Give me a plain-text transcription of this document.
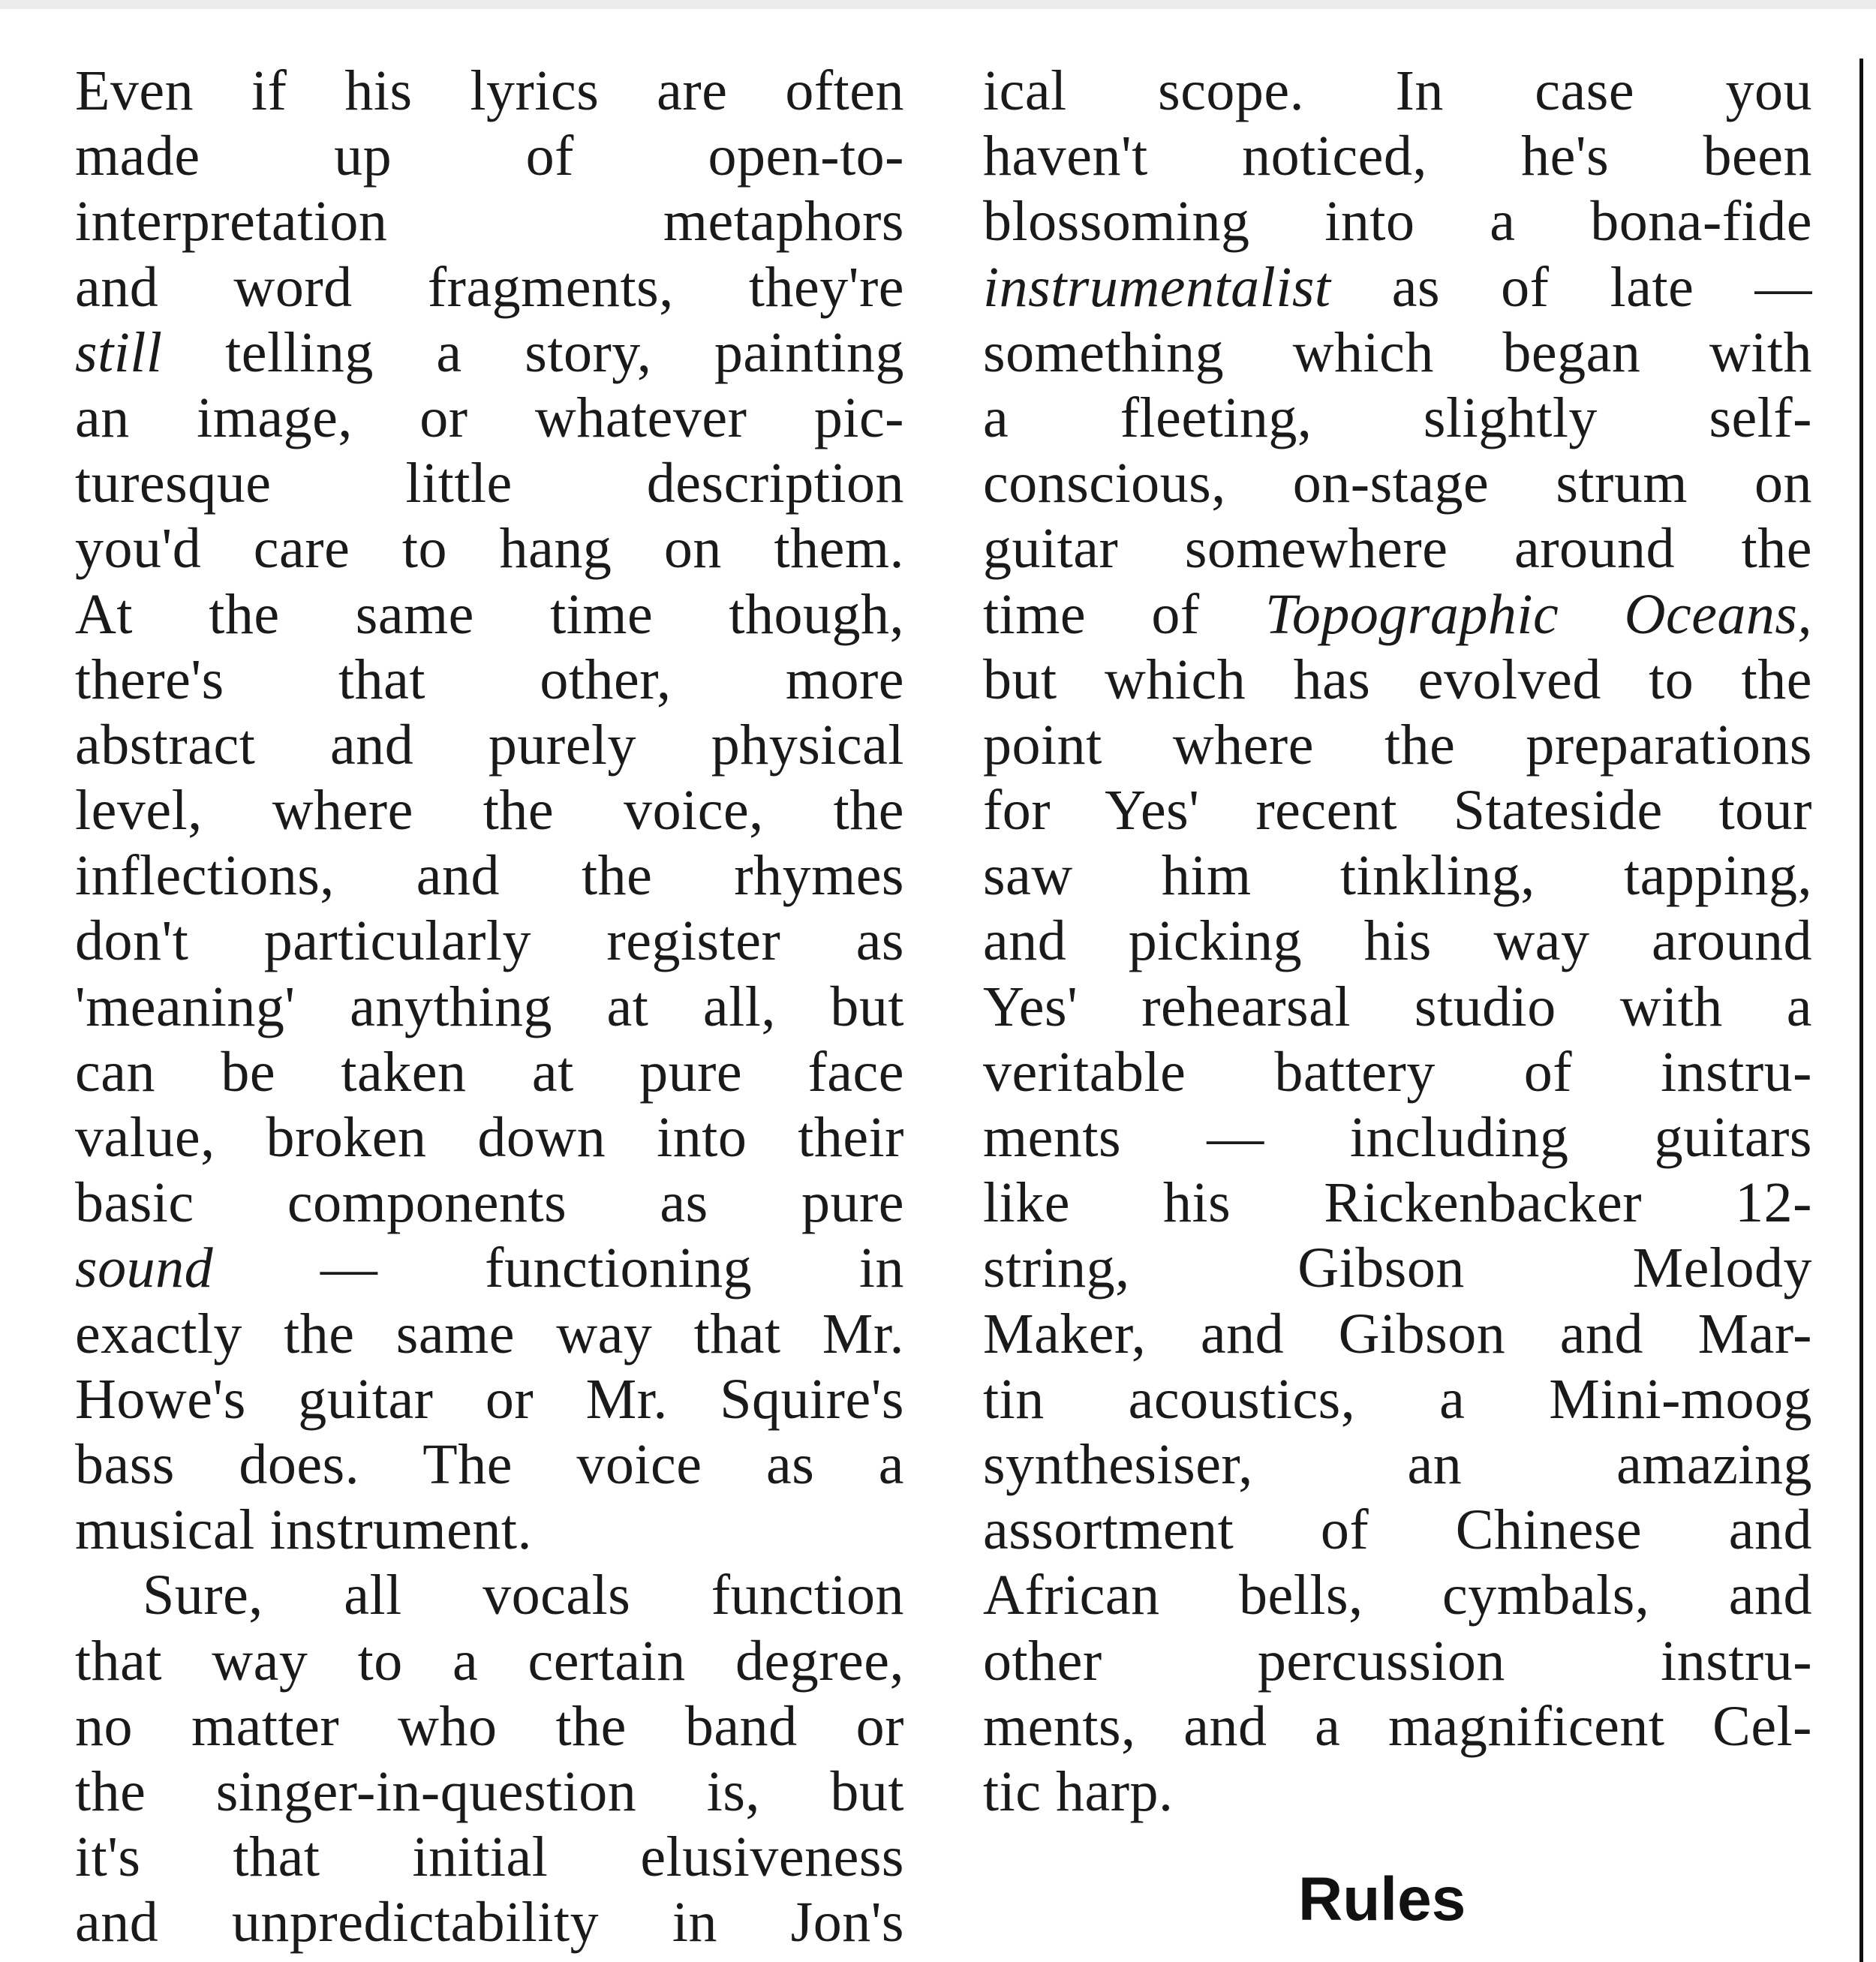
Even if his lyrics are often
made up of open-to-
interpretation metaphors
and word fragments, they're
still telling a story, painting
an image, or whatever pic-
turesque little description
you'd care to hang on them.
At the same time though,
there's that other, more
abstract and purely physical
level, where the voice, the
inflections, and the rhymes
don't particularly register as
'meaning' anything at all, but
can be taken at pure face
value, broken down into their
basic components as pure
sound — functioning in
exactly the same way that Mr.
Howe's guitar or Mr. Squire's
bass does. The voice as a
musical instrument.
Sure, all vocals function
that way to a certain degree,
no matter who the band or
the singer-in-question is, but
it's that initial elusiveness
and unpredictability in Jon's
ical scope. In case you
haven't noticed, he's been
blossoming into a bona-fide
instrumentalist as of late —
something which began with
a fleeting, slightly self-
conscious, on-stage strum on
guitar somewhere around the
time of Topographic Oceans,
but which has evolved to the
point where the preparations
for Yes' recent Stateside tour
saw him tinkling, tapping,
and picking his way around
Yes' rehearsal studio with a
veritable battery of instru-
ments — including guitars
like his Rickenbacker 12-
string, Gibson Melody
Maker, and Gibson and Mar-
tin acoustics, a Mini-moog
synthesiser, an amazing
assortment of Chinese and
African bells, cymbals, and
other percussion instru-
ments, and a magnificent Cel-
tic harp.
Rules
